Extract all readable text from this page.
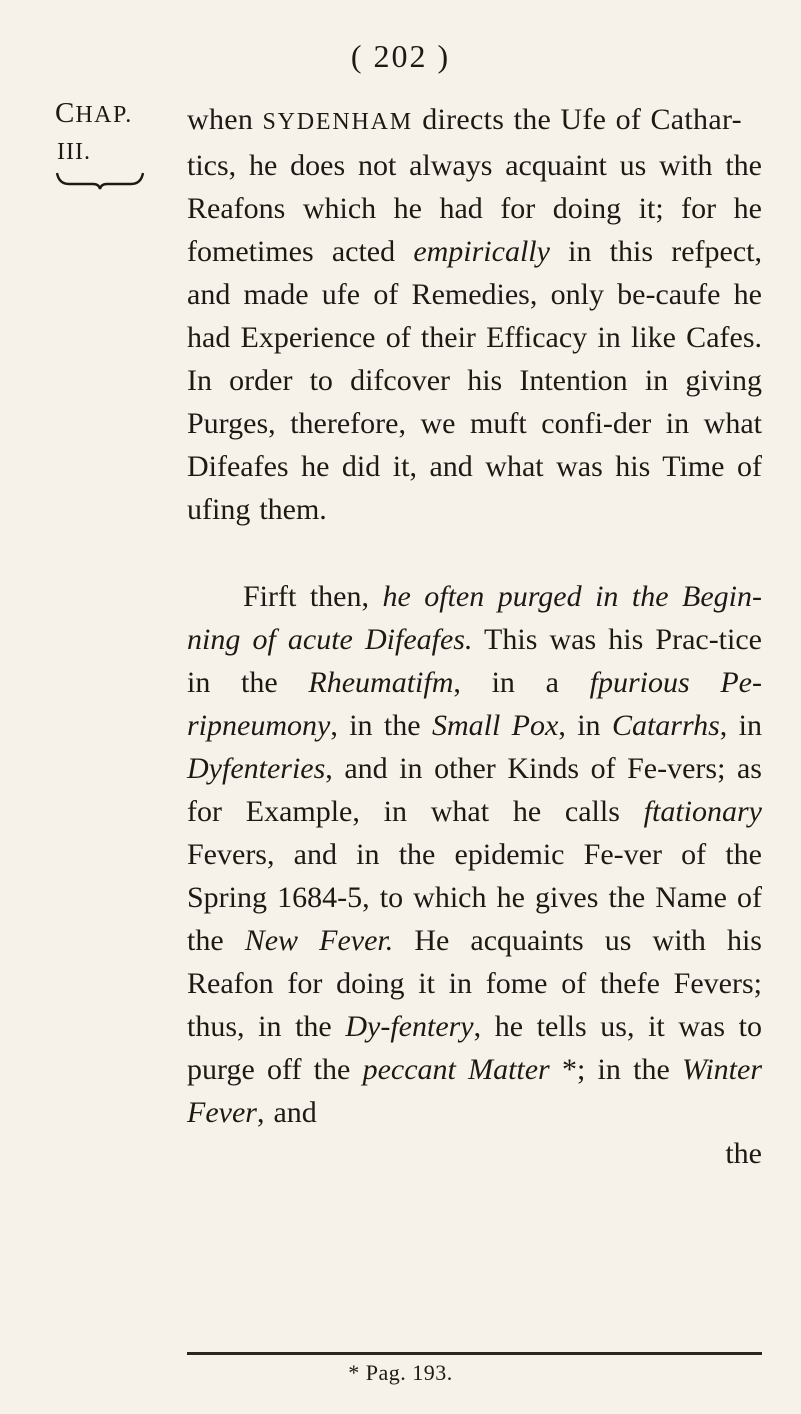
( 202 )
CHAP.
III.
when SYDENHAM directs the Ufe of Cathar-
tics, he does not always acquaint us with the Reafons which he had for doing it; for he fometimes acted empirically in this refpect, and made ufe of Remedies, only be-caufe he had Experience of their Efficacy in like Cafes. In order to difcover his Intention in giving Purges, therefore, we muft confi-der in what Difeafes he did it, and what was his Time of ufing them.
Firft then, he often purged in the Begin-ning of acute Difeafes. This was his Prac-tice in the Rheumatifm, in a fpurious Pe-ripneumony, in the Small Pox, in Catarrhs, in Dyfenteries, and in other Kinds of Fe-vers; as for Example, in what he calls ftationary Fevers, and in the epidemic Fe-ver of the Spring 1684-5, to which he gives the Name of the New Fever. He acquaints us with his Reafon for doing it in fome of thefe Fevers; thus, in the Dy-fentery, he tells us, it was to purge off the peccant Matter *; in the Winter Fever, and
the
* Pag. 193.
